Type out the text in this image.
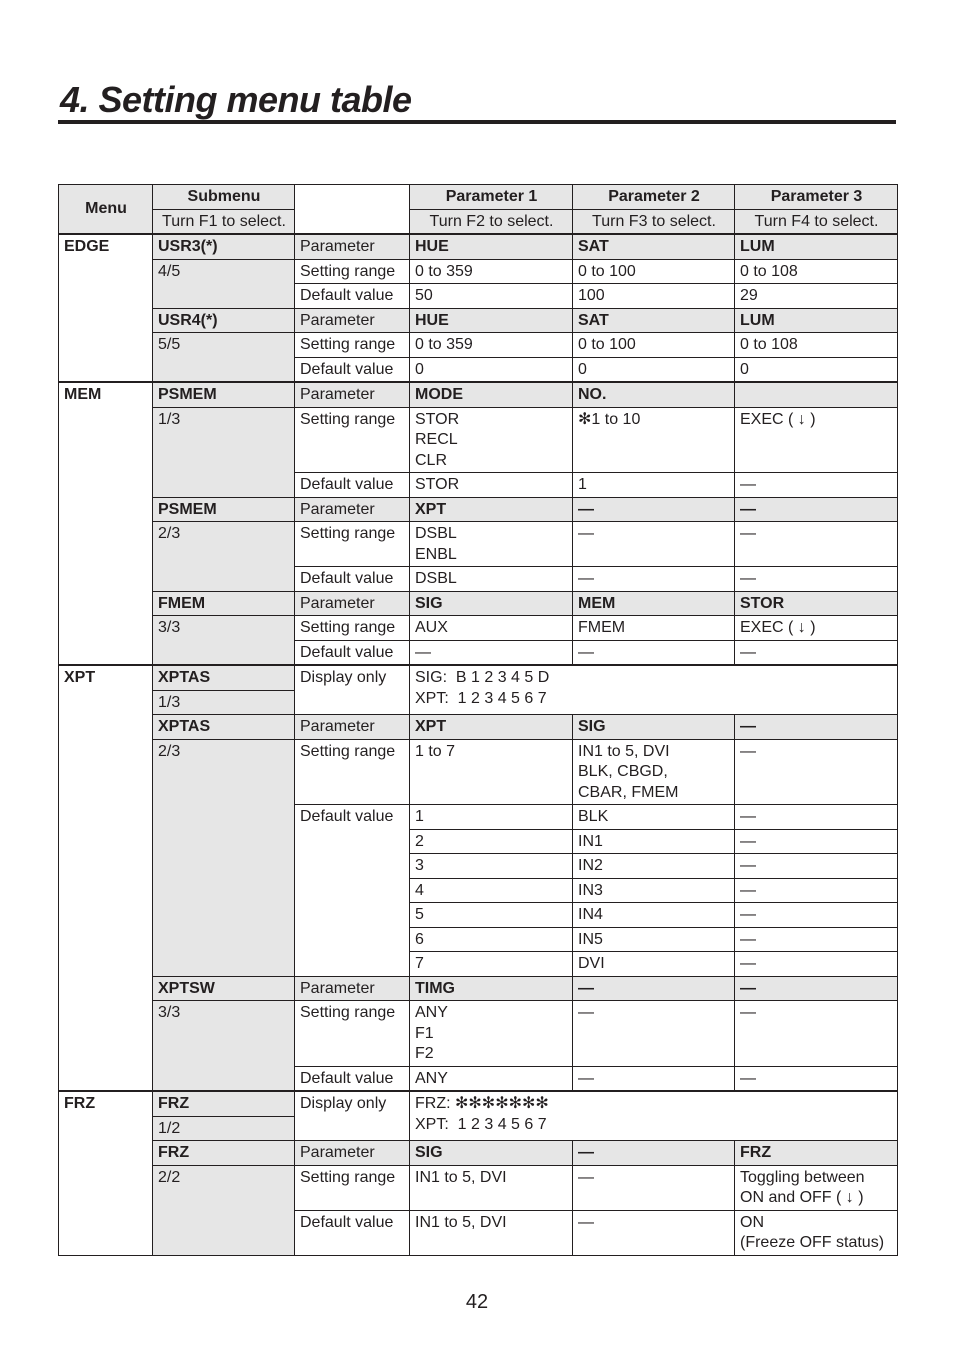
4. Setting menu table
Menu	Submenu		Parameter 1	Parameter 2	Parameter 3
	Turn F1 to select.		Turn F2 to select.	Turn F3 to select.	Turn F4 to select.
EDGE	USR3(*)	Parameter	HUE	SAT	LUM
	4/5	Setting range	0 to 359	0 to 100	0 to 108
		Default value	50	100	29
	USR4(*)	Parameter	HUE	SAT	LUM
	5/5	Setting range	0 to 359	0 to 100	0 to 108
		Default value	0	0	0
MEM	PSMEM	Parameter	MODE	NO.	
	1/3	Setting range	STOR
RECL
CLR	✻1 to 10	EXEC ( ↓ )
		Default value	STOR	1	—
	PSMEM	Parameter	XPT	—	—
	2/3	Setting range	DSBL
ENBL	—	—
		Default value	DSBL	—	—
	FMEM	Parameter	SIG	MEM	STOR
	3/3	Setting range	AUX	FMEM	EXEC ( ↓ )
		Default value	—	—	—
XPT	XPTAS	Display only	SIG:  B 1 2 3 4 5 D
XPT:  1 2 3 4 5 6 7		
	1/3				
	XPTAS	Parameter	XPT	SIG	—
	2/3	Setting range	1 to 7	IN1 to 5, DVI
BLK, CBGD,
CBAR, FMEM	—
		Default value	1	BLK	—
			2	IN1	—
			3	IN2	—
			4	IN3	—
			5	IN4	—
			6	IN5	—
			7	DVI	—
	XPTSW	Parameter	TIMG	—	—
	3/3	Setting range	ANY
F1
F2	—	—
		Default value	ANY	—	—
FRZ	FRZ	Display only	FRZ: ✻✻✻✻✻✻✻
XPT:  1 2 3 4 5 6 7		
	1/2				
	FRZ	Parameter	SIG	—	FRZ
	2/2	Setting range	IN1 to 5, DVI	—	Toggling between
ON and OFF ( ↓ )
		Default value	IN1 to 5, DVI	—	ON
(Freeze OFF status)
42
